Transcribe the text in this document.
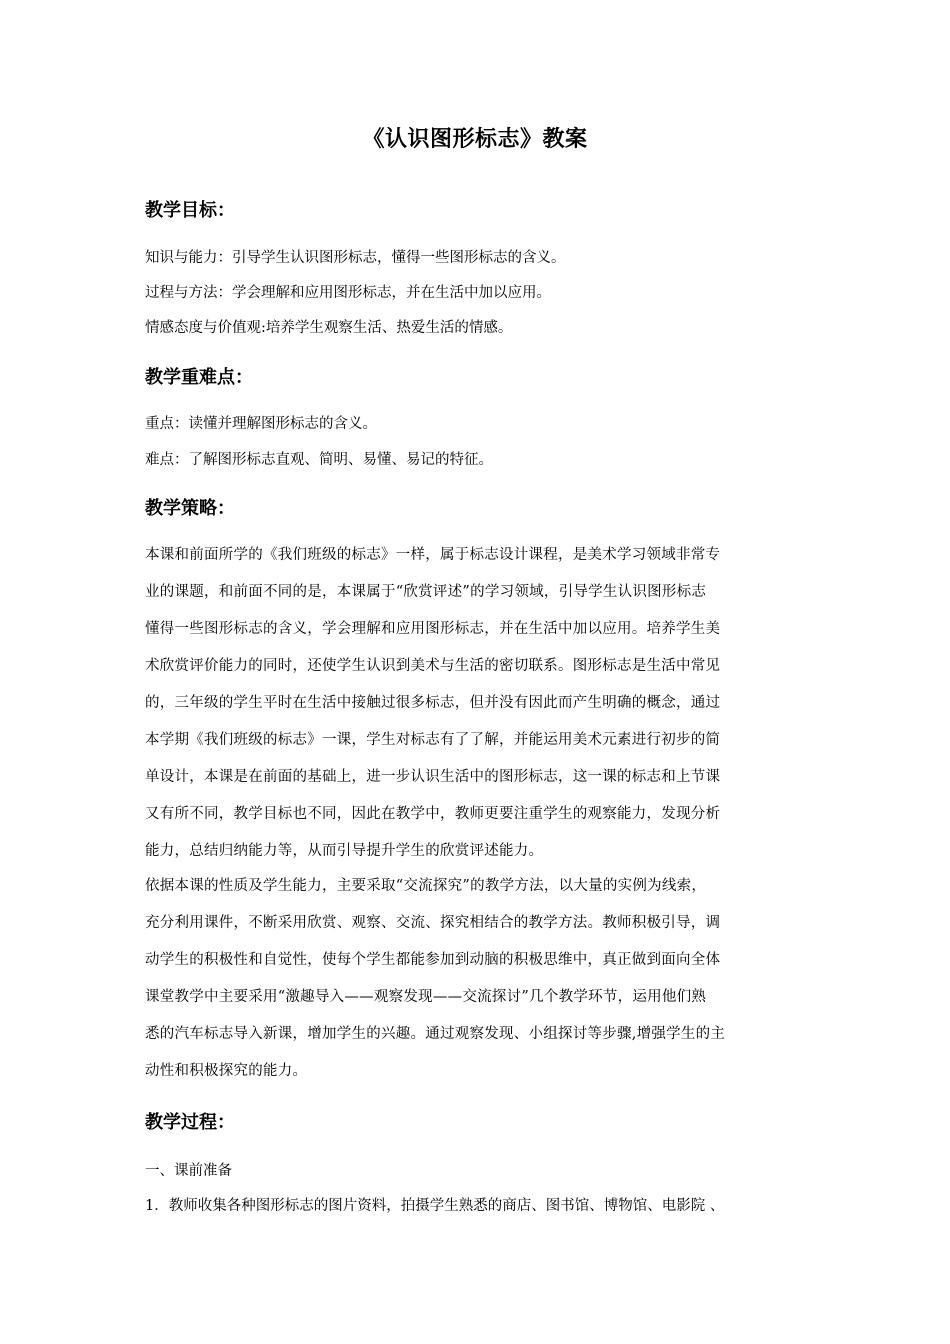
《认识图形标志》教案
教学目标：
知识与能力：引导学生认识图形标志，懂得一些图形标志的含义。
过程与方法：学会理解和应用图形标志，并在生活中加以应用。
情感态度与价值观:培养学生观察生活、热爱生活的情感。
教学重难点：
重点：读懂并理解图形标志的含义。
难点：了解图形标志直观、简明、易懂、易记的特征。
教学策略：
本课和前面所学的《我们班级的标志》一样，属于标志设计课程，是美术学习领域非常专
业的课题，和前面不同的是，本课属于“欣赏评述”的学习领域，引导学生认识图形标志
懂得一些图形标志的含义，学会理解和应用图形标志，并在生活中加以应用。培养学生美
术欣赏评价能力的同时，还使学生认识到美术与生活的密切联系。图形标志是生活中常见
的，三年级的学生平时在生活中接触过很多标志，但并没有因此而产生明确的概念，通过
本学期《我们班级的标志》一课，学生对标志有了了解，并能运用美术元素进行初步的简
单设计，本课是在前面的基础上，进一步认识生活中的图形标志，这一课的标志和上节课
又有所不同，教学目标也不同，因此在教学中，教师更要注重学生的观察能力，发现分析
能力，总结归纳能力等，从而引导提升学生的欣赏评述能力。
依据本课的性质及学生能力，主要采取“交流探究”的教学方法，以大量的实例为线索，
充分利用课件，不断采用欣赏、观察、交流、探究相结合的教学方法。教师积极引导，调
动学生的积极性和自觉性，使每个学生都能参加到动脑的积极思维中，真正做到面向全体
课堂教学中主要采用“激趣导入——观察发现——交流探讨”几个教学环节，运用他们熟
悉的汽车标志导入新课，增加学生的兴趣。通过观察发现、小组探讨等步骤,增强学生的主
动性和积极探究的能力。
教学过程：
一、课前准备
1．教师收集各种图形标志的图片资料，拍摄学生熟悉的商店、图书馆、博物馆、电影院 、
